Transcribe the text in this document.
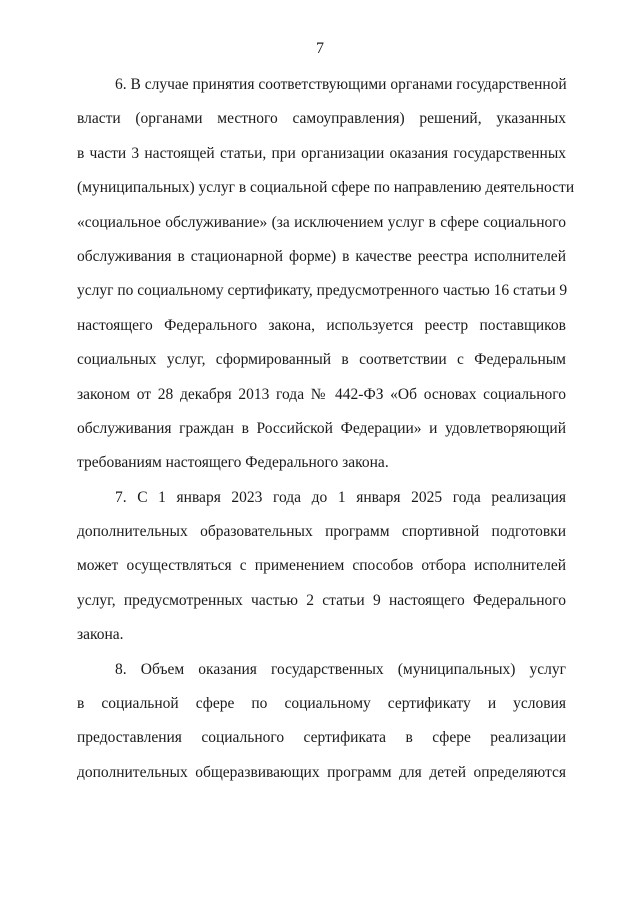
7
6. В случае принятия соответствующими органами государственной
власти (органами местного самоуправления) решений, указанных
в части 3 настоящей статьи, при организации оказания государственных
(муниципальных) услуг в социальной сфере по направлению деятельности
«социальное обслуживание» (за исключением услуг в сфере социального
обслуживания в стационарной форме) в качестве реестра исполнителей
услуг по социальному сертификату, предусмотренного частью 16 статьи 9
настоящего Федерального закона, используется реестр поставщиков
социальных услуг, сформированный в соответствии с Федеральным
законом от 28 декабря 2013 года № 442-ФЗ «Об основах социального
обслуживания граждан в Российской Федерации» и удовлетворяющий
требованиям настоящего Федерального закона.
7. С 1 января 2023 года до 1 января 2025 года реализация
дополнительных образовательных программ спортивной подготовки
может осуществляться с применением способов отбора исполнителей
услуг, предусмотренных частью 2 статьи 9 настоящего Федерального
закона.
8. Объем оказания государственных (муниципальных) услуг
в социальной сфере по социальному сертификату и условия
предоставления социального сертификата в сфере реализации
дополнительных общеразвивающих программ для детей определяются
